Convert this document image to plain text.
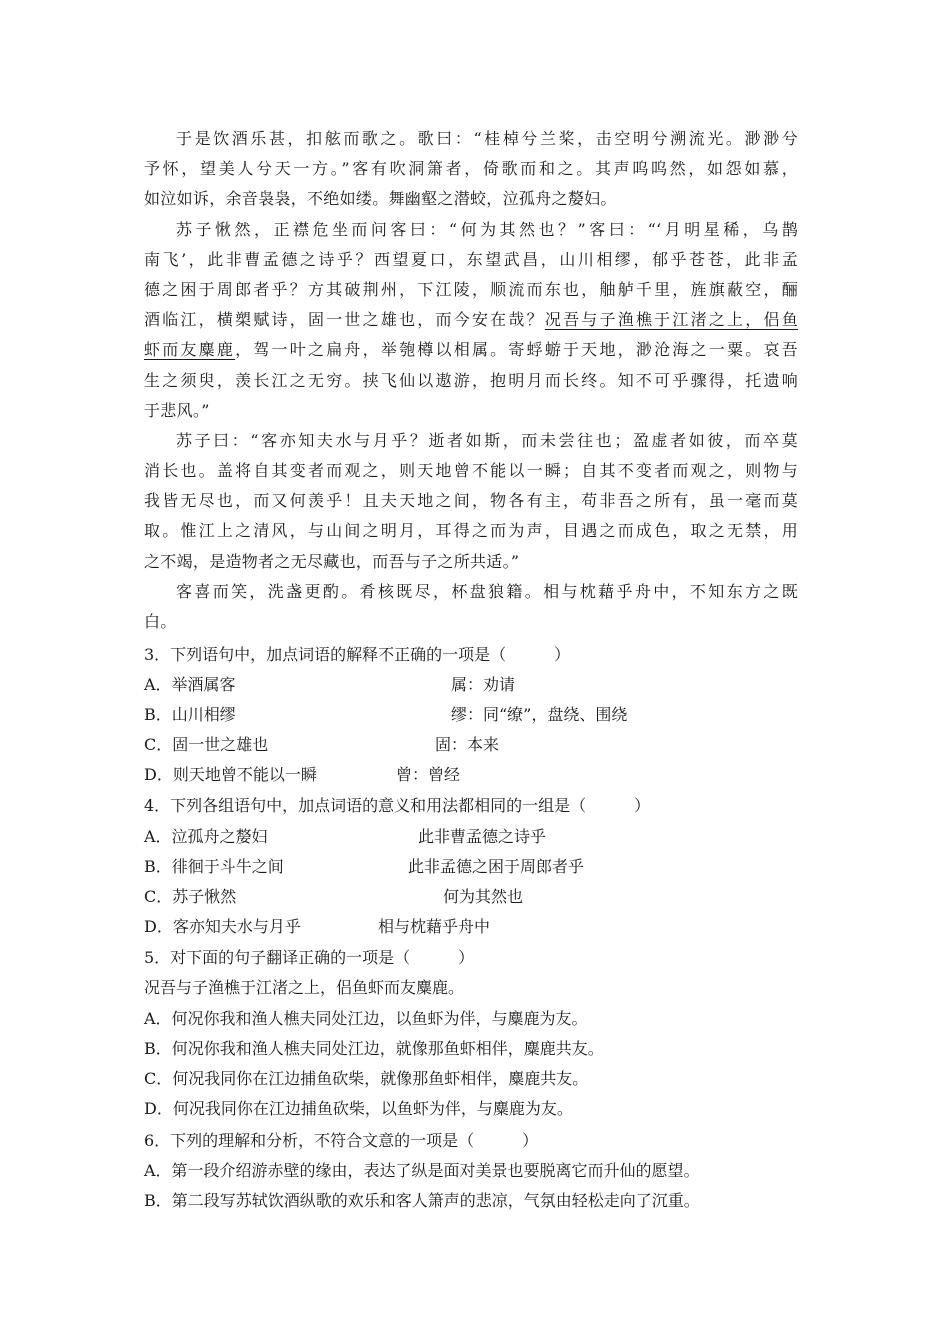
于是饮酒乐甚，扣舷而歌之。歌曰：“桂棹兮兰桨，击空明兮溯流光。渺渺兮
予怀，望美人兮天一方。”客有吹洞箫者，倚歌而和之。其声呜呜然，如怨如慕，
如泣如诉，余音袅袅，不绝如缕。舞幽壑之潜蛟，泣孤舟之嫠妇。
苏子愀然，正襟危坐而问客曰：“何为其然也？”客曰：“‘月明星稀，乌鹊
南飞’，此非曹孟德之诗乎？西望夏口，东望武昌，山川相缪，郁乎苍苍，此非孟
德之困于周郎者乎？方其破荆州，下江陵，顺流而东也，舳舻千里，旌旗蔽空，酾
酒临江，横槊赋诗，固一世之雄也，而今安在哉？况吾与子渔樵于江渚之上，侣鱼
虾而友麋鹿，驾一叶之扁舟，举匏樽以相属。寄蜉蝣于天地，渺沧海之一粟。哀吾
生之须臾，羡长江之无穷。挟飞仙以遨游，抱明月而长终。知不可乎骤得，托遗响
于悲风。”
苏子曰：“客亦知夫水与月乎？逝者如斯，而未尝往也；盈虚者如彼，而卒莫
消长也。盖将自其变者而观之，则天地曾不能以一瞬；自其不变者而观之，则物与
我皆无尽也，而又何羡乎！且夫天地之间，物各有主，苟非吾之所有，虽一毫而莫
取。惟江上之清风，与山间之明月，耳得之而为声，目遇之而成色，取之无禁，用
之不竭，是造物者之无尽藏也，而吾与子之所共适。”
客喜而笑，洗盏更酌。肴核既尽，杯盘狼籍。相与枕藉乎舟中，不知东方之既
白。
3．下列语句中，加点词语的解释不正确的一项是（　　　）
A．举酒属客	属：劝请
B．山川相缪	缪：同“缭”，盘绕、围绕
C．固一世之雄也	固：本来
D．则天地曾不能以一瞬	曾：曾经
4．下列各组语句中，加点词语的意义和用法都相同的一组是（　　　）
A．泣孤舟之嫠妇	此非曹孟德之诗乎
B．徘徊于斗牛之间	此非孟德之困于周郎者乎
C．苏子愀然	何为其然也
D．客亦知夫水与月乎	相与枕藉乎舟中
5．对下面的句子翻译正确的一项是（　　　）
况吾与子渔樵于江渚之上，侣鱼虾而友麋鹿。
A．何况你我和渔人樵夫同处江边，以鱼虾为伴，与麋鹿为友。
B．何况你我和渔人樵夫同处江边，就像那鱼虾相伴，麋鹿共友。
C．何况我同你在江边捕鱼砍柴，就像那鱼虾相伴，麋鹿共友。
D．何况我同你在江边捕鱼砍柴，以鱼虾为伴，与麋鹿为友。
6．下列的理解和分析，不符合文意的一项是（　　　）
A．第一段介绍游赤壁的缘由，表达了纵是面对美景也要脱离它而升仙的愿望。
B．第二段写苏轼饮酒纵歌的欢乐和客人箫声的悲凉，气氛由轻松走向了沉重。
